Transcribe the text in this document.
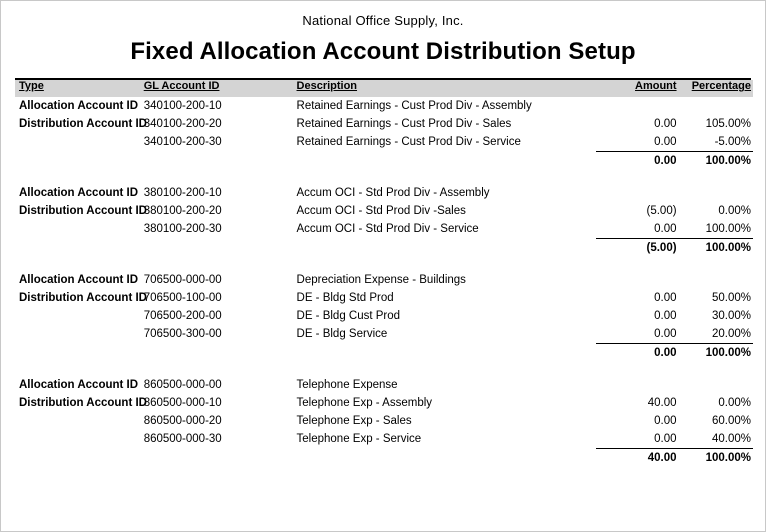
National Office Supply, Inc.
Fixed Allocation Account Distribution Setup
Type	GL Account ID	Description	Amount	Percentage
Allocation Account ID	340100-200-10	Retained Earnings - Cust Prod Div - Assembly		
Distribution Account ID	340100-200-20	Retained Earnings - Cust Prod Div - Sales	0.00	105.00%
	340100-200-30	Retained Earnings - Cust Prod Div - Service	0.00	-5.00%
			0.00	100.00%

Allocation Account ID	380100-200-10	Accum OCI - Std Prod Div - Assembly		
Distribution Account ID	380100-200-20	Accum OCI - Std Prod Div -Sales	(5.00)	0.00%
	380100-200-30	Accum OCI - Std Prod Div - Service	0.00	100.00%
			(5.00)	100.00%

Allocation Account ID	706500-000-00	Depreciation Expense - Buildings		
Distribution Account ID	706500-100-00	DE - Bldg Std Prod	0.00	50.00%
	706500-200-00	DE - Bldg Cust Prod	0.00	30.00%
	706500-300-00	DE - Bldg Service	0.00	20.00%
			0.00	100.00%

Allocation Account ID	860500-000-00	Telephone Expense		
Distribution Account ID	860500-000-10	Telephone Exp - Assembly	40.00	0.00%
	860500-000-20	Telephone Exp - Sales	0.00	60.00%
	860500-000-30	Telephone Exp - Service	0.00	40.00%
			40.00	100.00%
